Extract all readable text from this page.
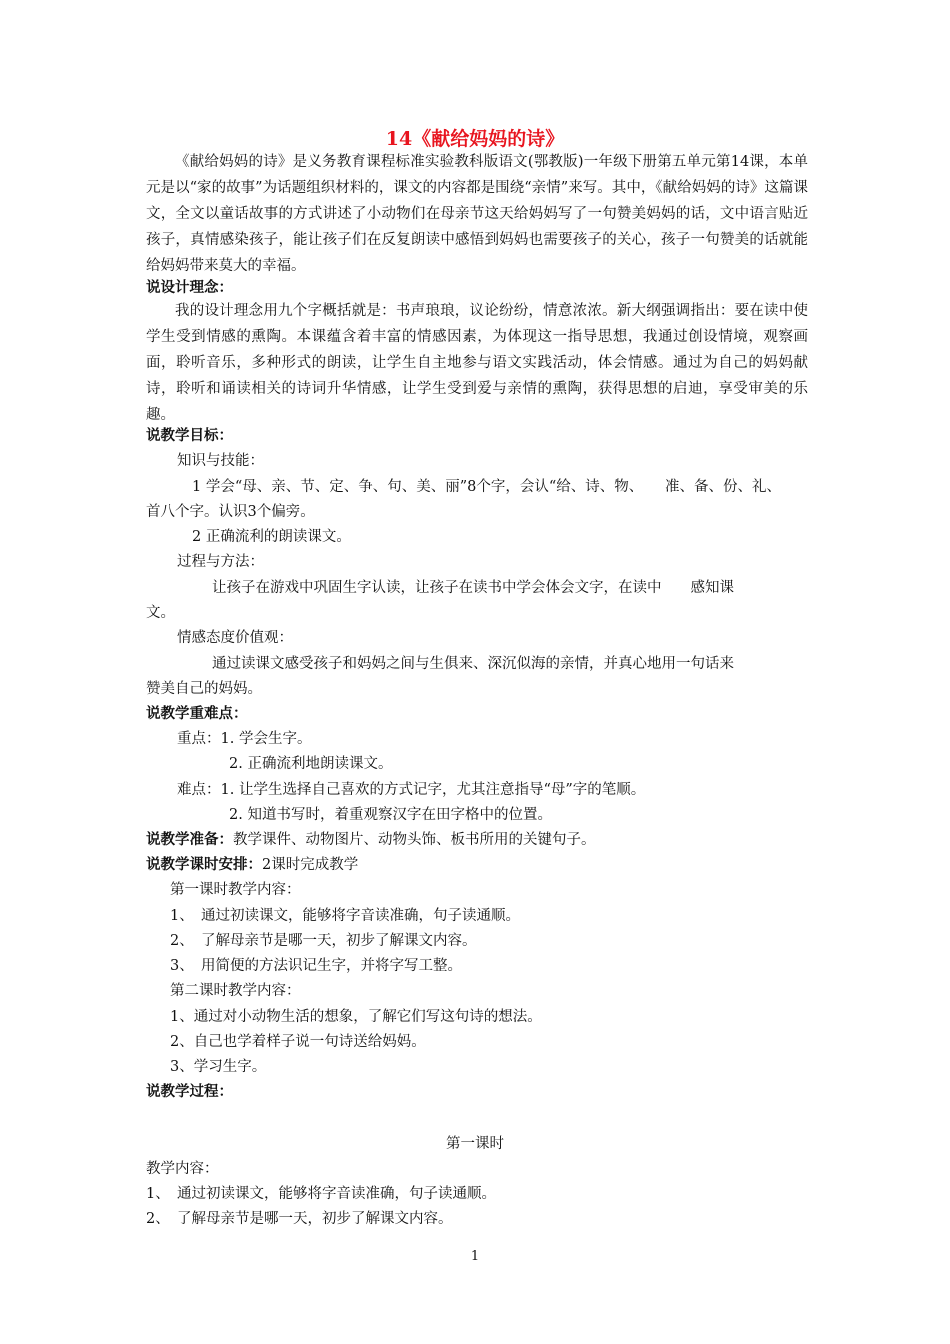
14《献给妈妈的诗》

《献给妈妈的诗》是义务教育课程标准实验教科版语文(鄂教版)一年级下册第五单元第14课，本单元是以“家的故事”为话题组织材料的，课文的内容都是围绕“亲情”来写。其中，《献给妈妈的诗》这篇课文，全文以童话故事的方式讲述了小动物们在母亲节这天给妈妈写了一句赞美妈妈的话，文中语言贴近孩子，真情感染孩子，能让孩子们在反复朗读中感悟到妈妈也需要孩子的关心，孩子一句赞美的话就能给妈妈带来莫大的幸福。

说设计理念：

我的设计理念用九个字概括就是：书声琅琅，议论纷纷，情意浓浓。新大纲强调指出：要在读中使学生受到情感的熏陶。本课蕴含着丰富的情感因素，为体现这一指导思想，我通过创设情境，观察画面，聆听音乐，多种形式的朗读，让学生自主地参与语文实践活动，体会情感。通过为自己的妈妈献诗，聆听和诵读相关的诗词升华情感，让学生受到爱与亲情的熏陶，获得思想的启迪，享受审美的乐趣。

说教学目标：
知识与技能：
1 学会“母、亲、节、定、争、句、美、丽”8个字，会认“给、诗、物、　　准、备、份、礼、
首八个字。认识3个偏旁。
2 正确流利的朗读课文。
过程与方法：
让孩子在游戏中巩固生字认读，让孩子在读书中学会体会文字，在读中　　感知课
文。
情感态度价值观：
通过读课文感受孩子和妈妈之间与生俱来、深沉似海的亲情，并真心地用一句话来
赞美自己的妈妈。
说教学重难点：
重点：1. 学会生字。
2. 正确流利地朗读课文。
难点：1. 让学生选择自己喜欢的方式记字，尤其注意指导“母”字的笔顺。
2. 知道书写时，着重观察汉字在田字格中的位置。
说教学准备：教学课件、动物图片、动物头饰、板书所用的关键句子。
说教学课时安排：2课时完成教学
第一课时教学内容：
1、　通过初读课文，能够将字音读准确，句子读通顺。
2、　了解母亲节是哪一天，初步了解课文内容。
3、　用简便的方法识记生字，并将字写工整。
第二课时教学内容：
1、通过对小动物生活的想象，了解它们写这句诗的想法。
2、自己也学着样子说一句诗送给妈妈。
3、学习生字。
说教学过程：
第一课时
教学内容：
1、　通过初读课文，能够将字音读准确，句子读通顺。
2、　了解母亲节是哪一天，初步了解课文内容。
1
